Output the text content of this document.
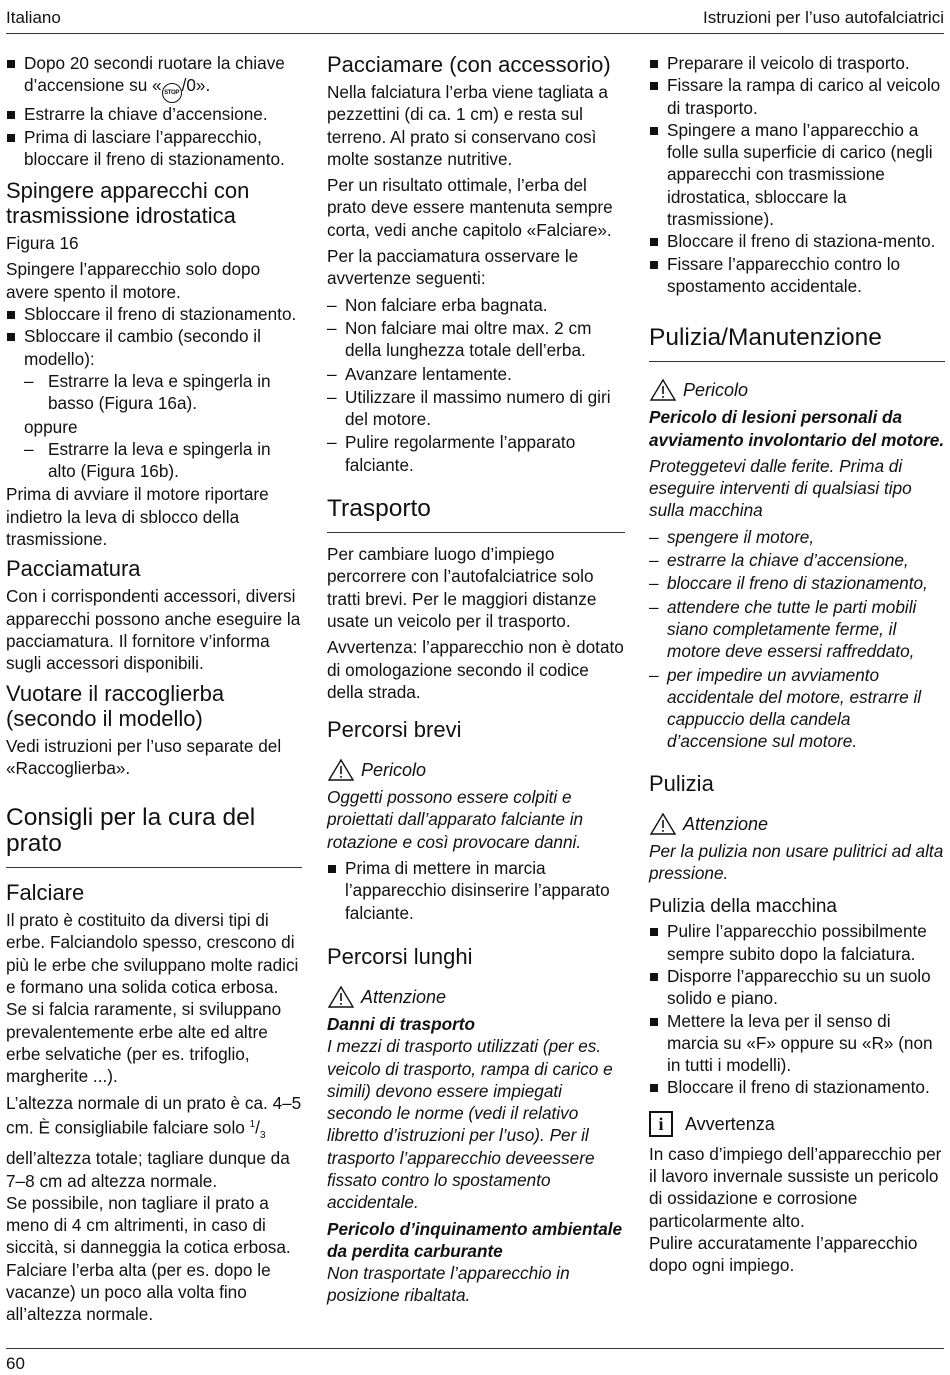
Italiano	Istruzioni per l’uso autofalciatrici
Dopo 20 secondi ruotare la chiave d’accensione su « STOP /0».
Estrarre la chiave d’accensione.
Prima di lasciare l’apparecchio, bloccare il freno di stazionamento.
Spingere apparecchi con trasmissione idrostatica

Figura 16

Spingere l’apparecchio solo dopo avere spento il motore.

Sbloccare il freno di stazionamento.
Sbloccare il cambio (secondo il modello):
– Estrarre la leva e spingerla in basso (Figura 16a).
oppure
– Estrarre la leva e spingerla in alto (Figura 16b).

Prima di avviare il motore riportare indietro la leva di sblocco della trasmissione.

Pacciamatura

Con i corrispondenti accessori, diversi apparecchi possono anche eseguire la pacciamatura. Il fornitore v’informa sugli accessori disponibili.

Vuotare il raccoglierba (secondo il modello)

Vedi istruzioni per l’uso separate del «Raccoglierba».

Consigli per la cura del prato
Falciare

Il prato è costituito da diversi tipi di erbe. Falciandolo spesso, crescono di più le erbe che sviluppano molte radici e formano una solida cotica erbosa. Se si falcia raramente, si sviluppano prevalentemente erbe alte ed altre erbe selvatiche (per es. trifoglio, margherite ...).

L’altezza normale di un prato è ca. 4–5 cm. È consigliabile falciare solo $^1/_3$ dell’altezza totale; tagliare dunque da 7–8 cm ad altezza normale.

Se possibile, non tagliare il prato a meno di 4 cm altrimenti, in caso di siccità, si danneggia la cotica erbosa. Falciare l’erba alta (per es. dopo le vacanze) un poco alla volta fino all’altezza normale.

Pacciamare (con accessorio)

Nella falciatura l’erba viene tagliata a pezzettini (di ca. 1 cm) e resta sul terreno. Al prato si conservano così molte sostanze nutritive.

Per un risultato ottimale, l’erba del prato deve essere mantenuta sempre corta, vedi anche capitolo «Falciare».

Per la pacciamatura osservare le avvertenze seguenti:

– Non falciare erba bagnata.
– Non falciare mai oltre max. 2 cm della lunghezza totale dell’erba.
– Avanzare lentamente.
– Utilizzare il massimo numero di giri del motore.
– Pulire regolarmente l’apparato falciante.
Trasporto

Per cambiare luogo d’impiego percorrere con l’autofalciatrice solo tratti brevi. Per le maggiori distanze usate un veicolo per il trasporto.

Avvertenza: l’apparecchio non è dotato di omologazione secondo il codice della strada.

Percorsi brevi
Pericolo

Oggetti possono essere colpiti e proiettati dall’apparato falciante in rotazione e così provocare danni.

Prima di mettere in marcia l’apparecchio disinserire l’apparato falciante.
Percorsi lunghi
Attenzione

Danni di trasporto

I mezzi di trasporto utilizzati (per es. veicolo di trasporto, rampa di carico e simili) devono essere impiegati secondo le norme (vedi il relativo libretto d’istruzioni per l’uso). Per il trasporto l’apparecchio deveessere fissato contro lo spostamento accidentale.

Pericolo d’inquinamento ambientale da perdita carburante

Non trasportate l’apparecchio in posizione ribaltata.

Preparare il veicolo di trasporto.
Fissare la rampa di carico al veicolo di trasporto.
Spingere a mano l’apparecchio a folle sulla superficie di carico (negli apparecchi con trasmissione idrostatica, sbloccare la trasmissione).
Bloccare il freno di staziona-mento.
Fissare l’apparecchio contro lo spostamento accidentale.
Pulizia/Manutenzione
Pericolo

Pericolo di lesioni personali da avviamento involontario del motore.

Proteggetevi dalle ferite. Prima di eseguire interventi di qualsiasi tipo sulla macchina

– spengere il motore,
– estrarre la chiave d’accensione,
– bloccare il freno di stazionamento,
– attendere che tutte le parti mobili siano completamente ferme, il motore deve essersi raffreddato,
– per impedire un avviamento accidentale del motore, estrarre il cappuccio della candela d’accensione sul motore.
Pulizia
Attenzione

Per la pulizia non usare pulitrici ad alta pressione.

Pulizia della macchina
Pulire l’apparecchio possibilmente sempre subito dopo la falciatura.
Disporre l’apparecchio su un suolo solido e piano.
Mettere la leva per il senso di marcia su «F» oppure su «R» (non in tutti i modelli).
Bloccare il freno di stazionamento.
i	Avvertenza

In caso d’impiego dell’apparecchio per il lavoro invernale sussiste un pericolo di ossidazione e corrosione particolarmente alto.

Pulire accuratamente l’apparecchio dopo ogni impiego.

60
